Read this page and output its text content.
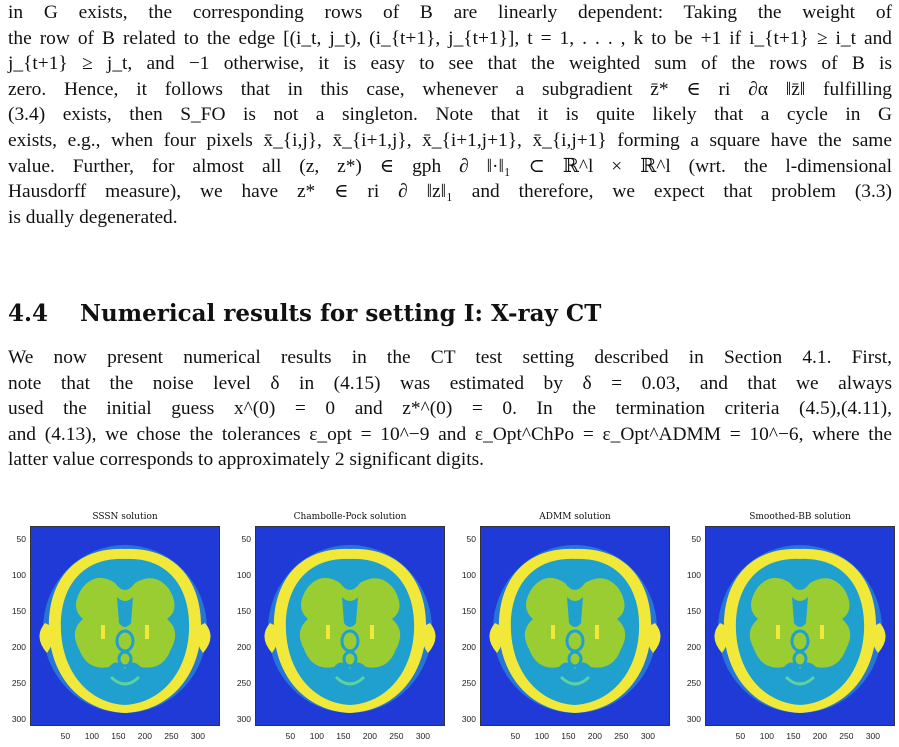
in G exists, the corresponding rows of B are linearly dependent: Taking the weight of
the row of B related to the edge [(i_t, j_t), (i_{t+1}, j_{t+1}], t = 1, . . . , k to be +1 if i_{t+1} ≥ i_t and
j_{t+1} ≥ j_t, and −1 otherwise, it is easy to see that the weighted sum of the rows of B is
zero. Hence, it follows that in this case, whenever a subgradient z̄̄* ∈ ri ∂α ‖z̄‖ fulfilling
(3.4) exists, then S_FO is not a singleton. Note that it is quite likely that a cycle in G
exists, e.g., when four pixels x̄_{i,j}, x̄_{i+1,j}, x̄_{i+1,j+1}, x̄_{i,j+1} forming a square have the same
value. Further, for almost all (z, z*) ∈ gph ∂ ‖·‖₁ ⊂ ℝ^l × ℝ^l (wrt. the l-dimensional
Hausdorff measure), we have z* ∈ ri ∂ ‖z‖₁ and therefore, we expect that problem (3.3)
is dually degenerated.
4.4 Numerical results for setting I: X-ray CT
We now present numerical results in the CT test setting described in Section 4.1. First,
note that the noise level δ in (4.15) was estimated by δ = 0.03, and that we always
used the initial guess x^(0) = 0 and z*^(0) = 0. In the termination criteria (4.5),(4.11),
and (4.13), we chose the tolerances ε_opt = 10^−9 and ε_Opt^ChPo = ε_Opt^ADMM = 10^−6, where the
latter value corresponds to approximately 2 significant digits.
SSSN solution
50
100
150
200
250
300
50	100	150	200	250	300
Chambolle-Pock solution
50
100
150
200
250
300
50	100	150	200	250	300
ADMM solution
50
100
150
200
250
300
50	100	150	200	250	300
Smoothed-BB solution
50
100
150
200
250
300
50	100	150	200	250	300
